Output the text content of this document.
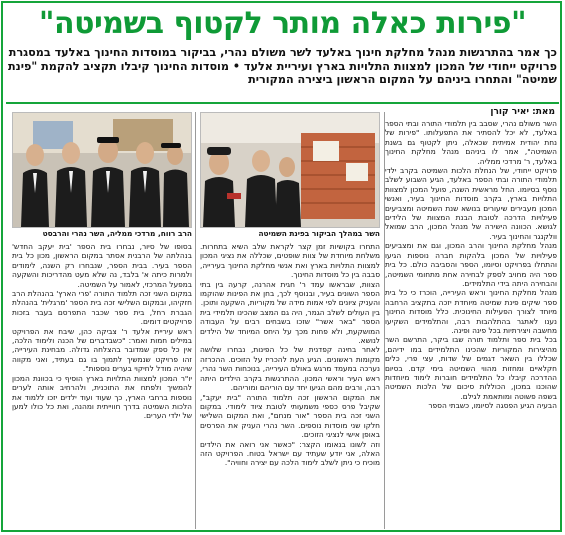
"פירות כאלה מותר לקטוף בשמיטה"
כך אמר בהתרגשות מנהל מחלקת חינוך באלעד לשר משולם נהרי, בביקור במוסדות החינוך באלעד במסגרת פרויקט ייחודי של המכון למצוות התלויות בארץ ועיריית אלעד • מוסדות החינוך קיבלו תקציב להקמת "פינת שמיטה" והתחרו ביניהם על המקום הראשון ביצירה המקורית
מאת: יאיר קורן
הרב רווח, מרדכי ממליה, השר נהרי והרבסט	השר במהלך הביקור בפינת השמיטה

השר משולם נהרי, שסבב בין תלמודי התורה ובתי הספר באלעד, לא יכל להסתיר את התפעלותו. "פירות של נחת יהודית אמיתית שכאלה, ניתן לקטוף גם בשנת השמיטה", אמר לו ביניהם מנהל מחלקת החינוך באלעד, ר' מרדכי ממליה.

פרויקט ייחודי, של הנחלת הלכות השמיטה בקרב ילדי תלמודי התורה ובתי הספר באלעד, הגיע השבוע לשלב נוסף בסיומו. החל מראשית השנה, פועל המכון למצוות התלויות בארץ, בקרב מוסדות החינוך בעיר, ואנשי המכון מעבירים שיעורים בנושא שנת השמיטה ומצביעים פעילויות הדרכה לטובת הבנת המצוות של הלידים לגושא. הכוונה הישירה של מנהל המכון, הרב שמואל וולקנגר והחינוך בעיר.

מנהל מחלקת החינוך והרב המכון, וגם את ומצביעים פעילויות של המכון בלהקות חברה נוספות הגיעו והתחלו בפרויקט וסיומו, הספר והסביבה כולם. כל בית ספר היה מחויב לספק לבחירה אחת מתחומי השמיטה, והבחירה היתה בידי התלמידים.

מנהל מחלקת החינוך וראש העירייה, הוכרז כי כל בית ספר שיקים פינת שמיטה מיוחדת יזכה בתקציב הרחבה מיוחד לצורך הפעילות החינוכית. כלל מוסדות החינוך נענו לאתגר בהתלהבות רבה, והתלמידים השקיעו מחשבה ויצירתיות בכל פינה ופינה.

בכל בית ספר ותלמוד תורה שבו ביקר, התרשם השר מהיצירות המקוריות שהכינו התלמידים במו ידיהם, שכללו בין השאר דגמים של שדות, עצי פרי, כלים חקלאיים ומחזות מהווי השמיטה בימי קדם. בסיום ההדרכה קיבלו כל התלמידים חוברות לימוד מיוחדות שהוכנו במכון, הכוללות סיכום של הלכות השמיטה בשפה פשוטה ומותאמת לגילם.

הבעיה הגיע הפסגה לסיומו, כשבתי הספר

התחרו בקושיות זמן קצר לקראת שלב השיא בתחרות. משלחת מיוחדת של צוות שופטים, שכללה את נציגי המכון למצוות התלויות בארץ ואת אנשי מחלקת החינוך בעירייה, סבבה בין כל מוסדות החינוך.

הצוות, שבראשו עמד ר' חגית אהרנה, קרעה בין בתי הספר השונים בעיר, ובנוסף לכך, בחן את הפינות שהוקמו והעניק ציונים לפי אמות מידה של מקוריות, השקעה ותוכן.

בין העולים לשלב הגמר, היה גם המצב שהכינו תלמידי בית הספר "באר אשר" שזכו בשבחים רבים על העבודה המושקעת, ולא פחות מכך על היחס המיוחד של הילדים לנושא.

לאחר בחינה קפדנית של כל הפינות, נבחרו שלושה מקומות ראשונים. הגיע העת להכריז על הזוכים. ההכרזה נערכה במעמד מרגש באולם העירייה, בנוכחות השר נהרי, ראש העיר וראשי המכון. ההתרגשות בקרב הילדים היתה רבה, ורבים מהם הגיעו יחד עם הוריהם ומוריהם.

את המקום הראשון זכה תלמוד התורה "בית יעקב", שקיבל פרס כספי משמעותי לטובת ציוד לימודי. במקום השני זכה בית הספר "אור מנחם", ואת המקום השלישי חלקו שני מוסדות נוספים. השר נהרי העניק את הפרסים באופן אישי לנציגי הזוכים.

וזה לשונו בנאומו הקצר: "כאשר אני רואה את הילדים האלה, אני יודע שעתיד עם ישראל בטוח. הפרויקט הזה מוכיח כי ניתן לשלב לימוד הלכה עם יצירה וחוויה".

בסופו של סיור, נבחרו בית הספר 'בית יעקב החדש' בנהלתה של הרבנית אסתר במקום הראשון, מכון כל בית הספר בעיר. בבית הספר, שנבחרו רק השנה, לימודים ולמרות כיתה א' בלבד, נה שלא מעט מהדריכות והשקעה במפעל המרכזי, לאמור על השמיטה.

במקום השני זכה תלמוד התורה 'פרי הארץ' בהנהלת הרב חזקיהו, ובמקום השלישי זכה בית הספר 'מרגלית' בהנהלת הגברת רחל, בית ספר שכבר התפרסם בעבר בזכות פרויקטים דומים.

ראש עיריית אלעד ר' צביקה כהן, שיבח את הפרויקט במילים חמות ואמר: "כשבדברים של הכנה ולימוד הלכה, אין כל ספק שמדובר בהצלחה גדולה. מבחינת העירייה, זהו פרויקט שנמשיך לתמוך בו גם בעתיד, ואני מקווה שיהיה מודל לחיקוי בערים נוספות".

יו"ר המכון למצוות התלויות בארץ הוסיף כי בכוונת המכון להמשיך ולפתח את התוכנית, ולהרחיב אותה לערים נוספות ברחבי הארץ, כך שעוד ועוד ילדים יזכו ללמוד את הלכות השמיטה בדרך חווייתית ומהנה, ואת כל כולו למען של ילדי הערים.
